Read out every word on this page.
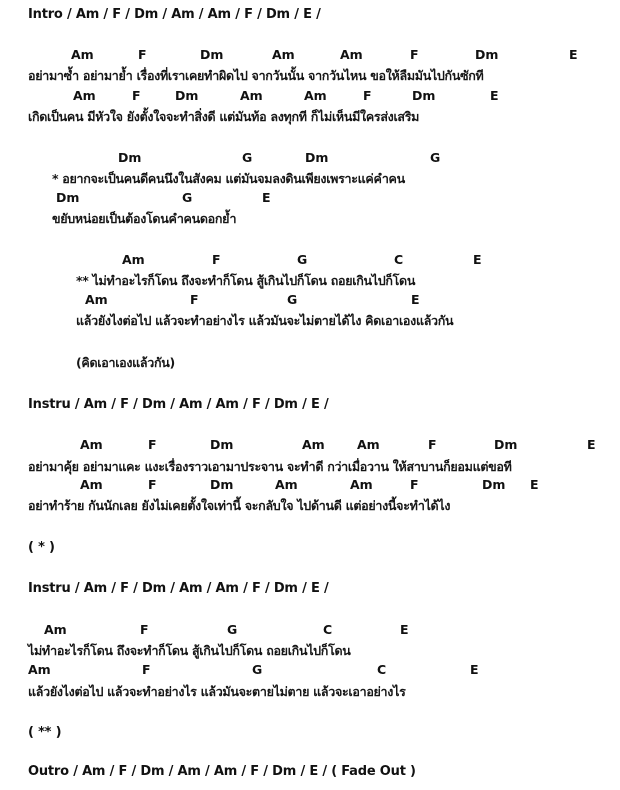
Intro / Am / F / Dm / Am / Am / F / Dm / E /
Am	F	Dm	Am	Am	F	Dm	E
อย่ามาซ้ำ อย่ามาย้ำ เรื่องที่เราเคยทำผิดไป จากวันนั้น จากวันไหน ขอให้ลืมมันไปกันซักที
Am	F	Dm	Am	Am	F	Dm	E
เกิดเป็นคน มีหัวใจ ยังตั้งใจจะทำสิ่งดี แต่มันท้อ ลงทุกที ก็ไม่เห็นมีใครส่งเสริม
Dm	G	Dm	G
* อยากจะเป็นคนดีคนนึงในสังคม แต่มันจมลงดินเพียงเพราะแค่คำคน
Dm	G	E
ขยับหน่อยเป็นต้องโดนคำคนดอกย้ำ
Am	F	G	C	E
** ไม่ทำอะไรก็โดน ถึงจะทำก็โดน สู้เกินไปก็โดน ถอยเกินไปก็โดน
Am	F	G	E
แล้วยังไงต่อไป แล้วจะทำอย่างไร แล้วมันจะไม่ตายได้ไง คิดเอาเองแล้วกัน
(คิดเอาเองแล้วกัน)
Instru / Am / F / Dm / Am / Am / F / Dm / E /
Am	F	Dm	Am	Am	F	Dm	E
อย่ามาคุ้ย อย่ามาแคะ แงะเรื่องราวเอามาประจาน จะทำดี กว่าเมื่อวาน ให้สาบานก็ยอมแต่ขอที
Am	F	Dm	Am	Am	F	Dm E
อย่าทำร้าย กันนักเลย ยังไม่เคยตั้งใจเท่านี้ จะกลับใจ ไปด้านดี แต่อย่างนี้จะทำได้ไง
( * )
Instru / Am / F / Dm / Am / Am / F / Dm / E /
Am	F	G	C	E
ไม่ทำอะไรก็โดน ถึงจะทำก็โดน สู้เกินไปก็โดน ถอยเกินไปก็โดน
Am	F	G	C	E
แล้วยังไงต่อไป แล้วจะทำอย่างไร แล้วมันจะตายไม่ตาย แล้วจะเอาอย่างไร
( ** )
Outro / Am / F / Dm / Am / Am / F / Dm / E / ( Fade Out )
